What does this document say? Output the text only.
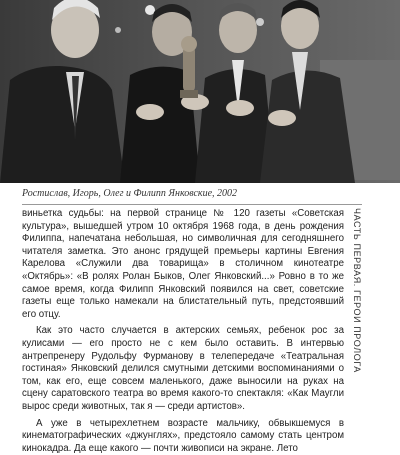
Ростислав, Игорь, Олег и Филипп Янковские, 2002

виньетка судьбы: на первой странице № 120 газеты «Советская культура», вышедшей утром 10 октября 1968 года, в день рождения Филиппа, напечатана небольшая, но символичная для сегодняшнего читателя заметка. Это анонс грядущей премьеры картины Евгения Карелова «Служили два товарища» в столичном кинотеатре «Октябрь»: «В ролях Ролан Быков, Олег Янковский...» Ровно в то же самое время, когда Филипп Янковский появился на свет, советские газеты еще только намекали на блистательный путь, предстоявший его отцу.

Как это часто случается в актерских семьях, ребенок рос за кулисами — его просто не с кем было оставить. В интервью антрепренеру Рудольфу Фурманову в телепередаче «Театральная гостиная» Янковский делился смутными детскими воспоминаниями о том, как его, еще совсем маленького, даже выносили на руках на сцену саратовского театра во время какого-то спектакля: «Как Маугли вырос среди животных, так я — среди артистов».

А уже в четырехлетнем возрасте мальчику, обвыкшемуся в кинематографических «джунглях», предстояло самому стать центром кинокадра. Да еще какого — почти живописи на экране. Лето

ЧАСТЬ ПЕРВАЯ. ГЕРОИ ПРОЛОГА
